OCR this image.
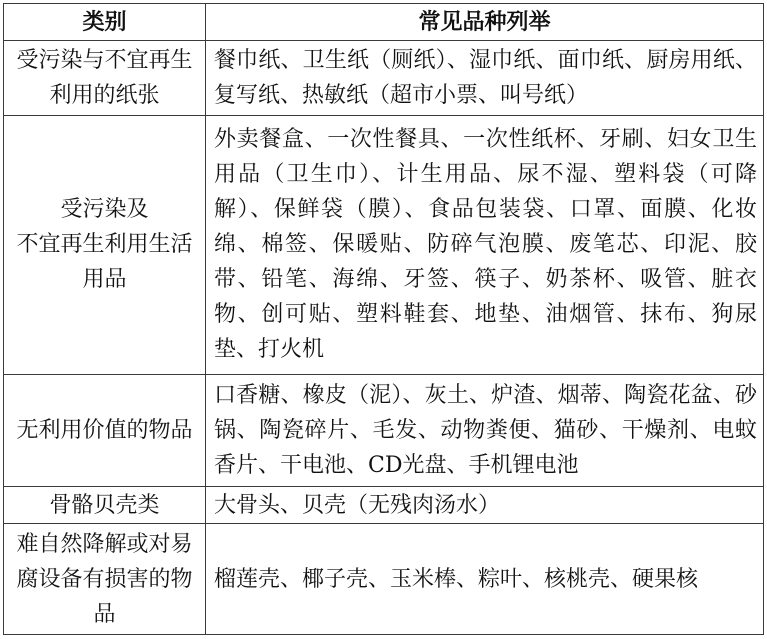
类别	常见品种列举
受污染与不宜再生利用的纸张	餐巾纸、卫生纸（厕纸）、湿巾纸、面巾纸、厨房用纸、复写纸、热敏纸（超市小票、叫号纸）
受污染及
不宜再生利用生活用品	外卖餐盒、一次性餐具、一次性纸杯、牙刷、妇女卫生用品（卫生巾）、计生用品、尿不湿、塑料袋（可降解）、保鲜袋（膜）、食品包装袋、口罩、面膜、化妆绵、棉签、保暖贴、防碎气泡膜、废笔芯、印泥、胶带、铅笔、海绵、牙签、筷子、奶茶杯、吸管、脏衣物、创可贴、塑料鞋套、地垫、油烟管、抹布、狗尿垫、打火机
无利用价值的物品	口香糖、橡皮（泥）、灰土、炉渣、烟蒂、陶瓷花盆、砂锅、陶瓷碎片、毛发、动物粪便、猫砂、干燥剂、电蚊香片、干电池、CD光盘、手机锂电池
骨骼贝壳类	大骨头、贝壳（无残肉汤水）
难自然降解或对易腐设备有损害的物品	榴莲壳、椰子壳、玉米棒、粽叶、核桃壳、硬果核
